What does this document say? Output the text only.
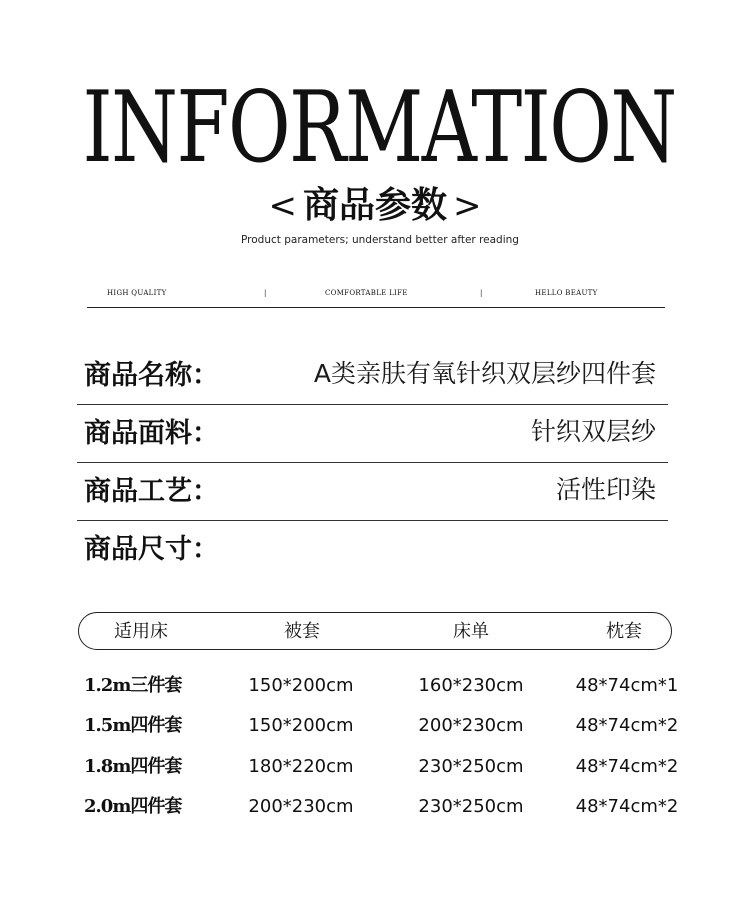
INFORMATION
< 商品参数 >
Product parameters; understand better after reading
HIGH QUALITY	|	COMFORTABLE LIFE	|	HELLO BEAUTY
商品名称：	A类亲肤有氧针织双层纱四件套
商品面料：	针织双层纱
商品工艺：	活性印染
商品尺寸：
适用床	被套	床单	枕套
1.2m三件套	150*200cm	160*230cm	48*74cm*1
1.5m四件套	150*200cm	200*230cm	48*74cm*2
1.8m四件套	180*220cm	230*250cm	48*74cm*2
2.0m四件套	200*230cm	230*250cm	48*74cm*2
